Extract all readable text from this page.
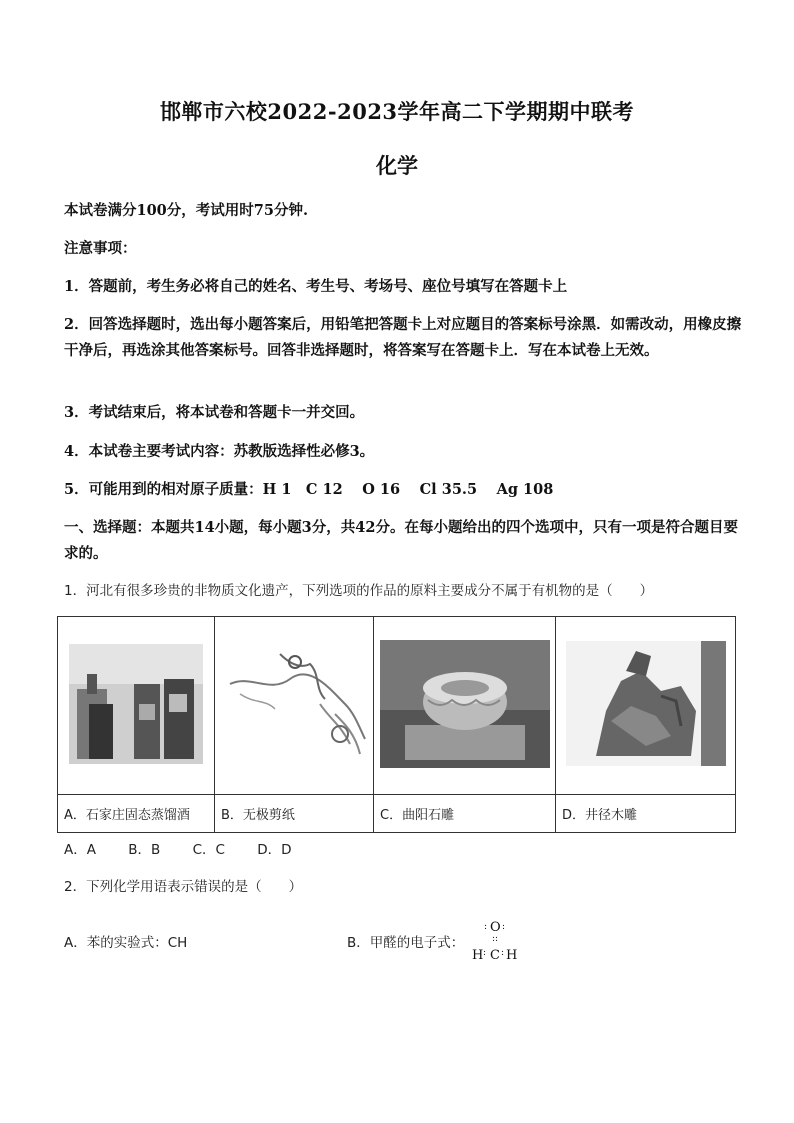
邯郸市六校2022-2023学年高二下学期期中联考
化学
本试卷满分100分，考试用时75分钟.
注意事项：
1．答题前，考生务必将自己的姓名、考生号、考场号、座位号填写在答题卡上
2．回答选择题时，选出每小题答案后，用铅笔把答题卡上对应题目的答案标号涂黑．如需改动，用橡皮擦干净后，再选涂其他答案标号。回答非选择题时，将答案写在答题卡上．写在本试卷上无效。
3．考试结束后，将本试卷和答题卡一并交回。
4．本试卷主要考试内容：苏教版选择性必修3。
5．可能用到的相对原子质量：H 1　C 12　 O 16　 Cl 35.5　 Ag 108
一、选择题：本题共14小题，每小题3分，共42分。在每小题给出的四个选项中，只有一项是符合题目要求的。
1．河北有很多珍贵的非物质文化遗产，下列选项的作品的原料主要成分不属于有机物的是（　　）

A．石家庄固态蒸馏酒	B．无极剪纸	C．曲阳石雕	D．井径木雕
A．A B．B C．C D．D
2．下列化学用语表示错误的是（　　）
A．苯的实验式：CH	B．甲醛的电子式：
O
: :
::
H : C : H
